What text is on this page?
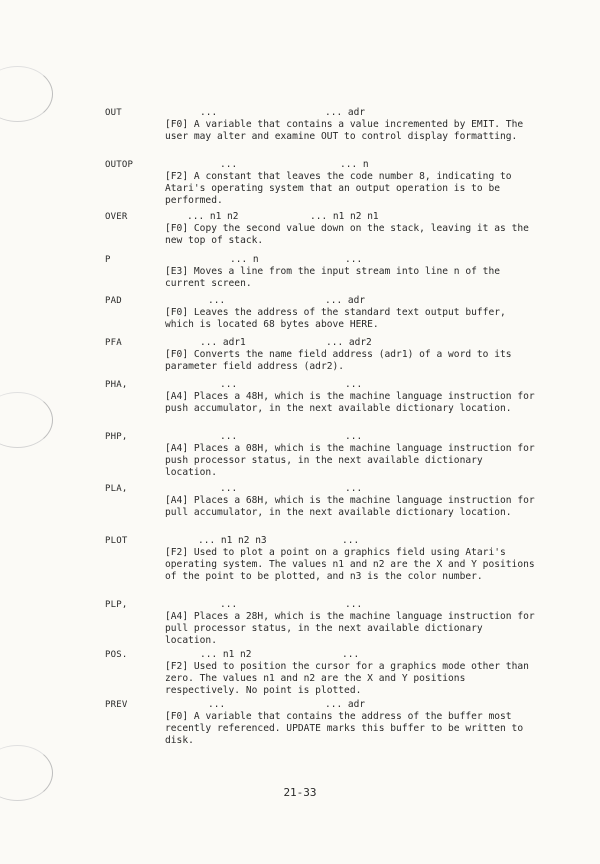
OUT	...	... adr
[F0] A variable that contains a value incremented by EMIT. The user may alter and examine OUT to control display formatting.
OUTOP	...	... n
[F2] A constant that leaves the code number 8, indicating to Atari's operating system that an output operation is to be performed.
OVER	... n1 n2	... n1 n2 n1
[F0] Copy the second value down on the stack, leaving it as the new top of stack.
P	... n	...
[E3] Moves a line from the input stream into line n of the current screen.
PAD	...	... adr
[F0] Leaves the address of the standard text output buffer, which is located 68 bytes above HERE.
PFA	... adr1	... adr2
[F0] Converts the name field address (adr1) of a word to its parameter field address (adr2).
PHA,	...	...
[A4] Places a 48H, which is the machine language instruction for push accumulator, in the next available dictionary location.
PHP,	...	...
[A4] Places a 08H, which is the machine language instruction for push processor status, in the next available dictionary location.
PLA,	...	...
[A4] Places a 68H, which is the machine language instruction for pull accumulator, in the next available dictionary location.
PLOT	... n1 n2 n3	...
[F2] Used to plot a point on a graphics field using Atari's operating system. The values n1 and n2 are the X and Y positions of the point to be plotted, and n3 is the color number.
PLP,	...	...
[A4] Places a 28H, which is the machine language instruction for pull processor status, in the next available dictionary location.
POS.	... n1 n2	...
[F2] Used to position the cursor for a graphics mode other than zero. The values n1 and n2 are the X and Y positions respectively. No point is plotted.
PREV	...	... adr
[F0] A variable that contains the address of the buffer most recently referenced. UPDATE marks this buffer to be written to disk.
21-33
